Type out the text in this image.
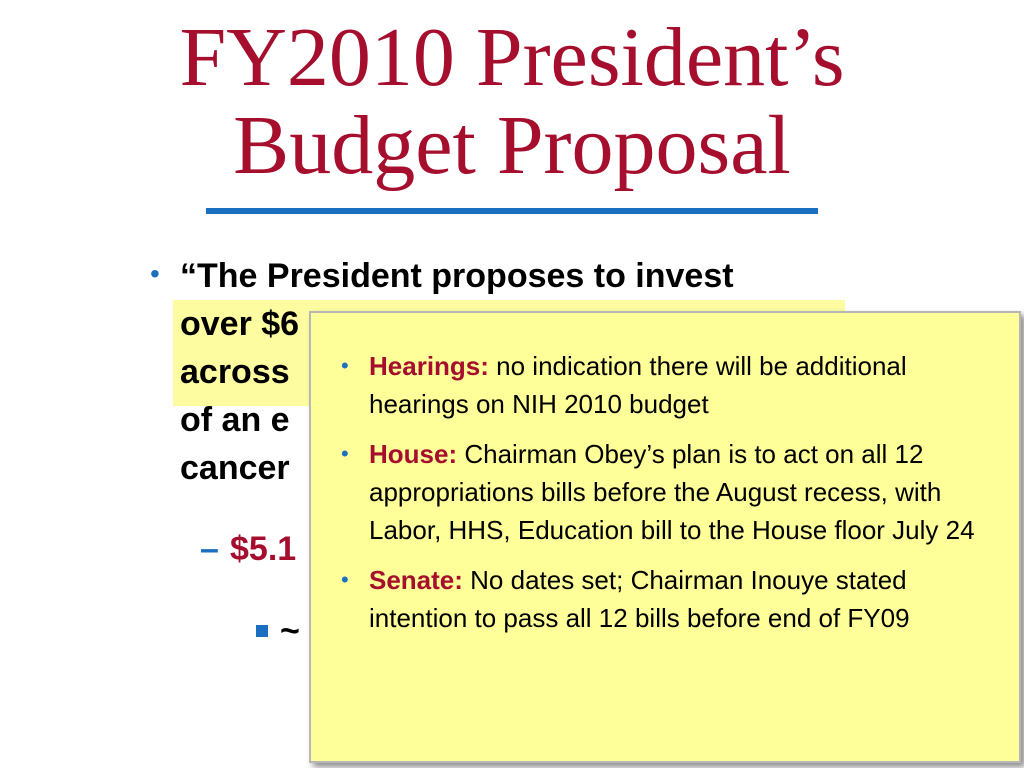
FY2010 President’s
Budget Proposal
• “The President proposes to invest
over $6
across
of an e
cancer
– $5.1
~
• Hearings: no indication there will be additional hearings on NIH 2010 budget
• House: Chairman Obey’s plan is to act on all 12 appropriations bills before the August recess, with Labor, HHS, Education bill to the House floor July 24
• Senate: No dates set; Chairman Inouye stated intention to pass all 12 bills before end of FY09
